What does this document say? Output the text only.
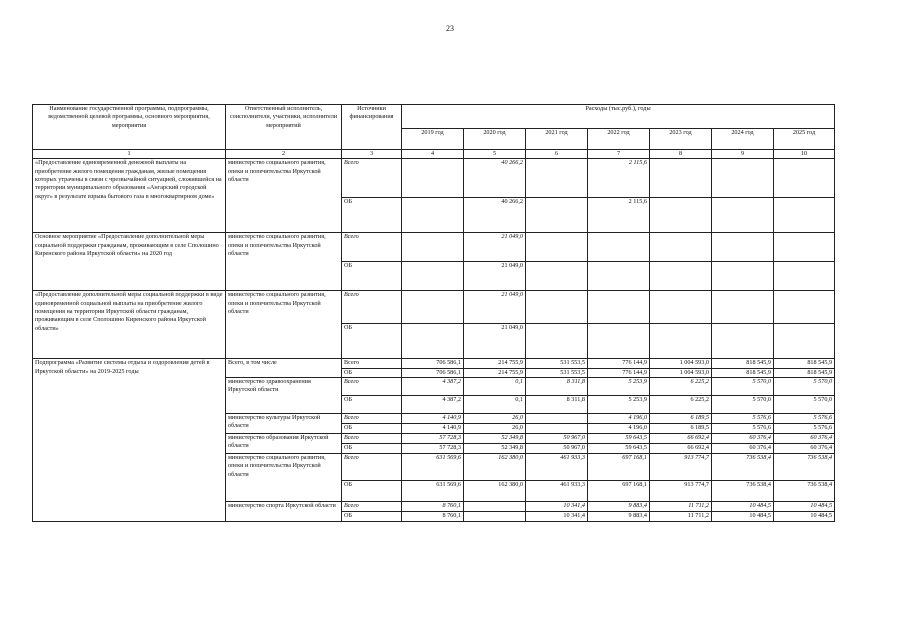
23
Наименование государственной программы, подпрограммы, ведомственной целевой программы, основного мероприятия, мероприятия	Ответственный исполнитель, соисполнители, участники, исполнители мероприятий	Источники финансирования	Расходы (тыс.руб.), годы						
			2019 год	2020 год	2021 год	2022 год	2023 год	2024 год	2025 год
1	2	3	4	5	6	7	8	9	10
«Предоставление единовременной денежной выплаты на приобретение жилого помещения гражданам, жилые помещения которых утрачены в связи с чрезвычайной ситуацией, сложившейся на территории муниципального образования «Ангарский городской округ» в результате взрыва бытового газа в многоквартирном доме»	министерство социального развития, опеки и попечительства Иркутской области	Всего		40 266,2		2 115,6			
		ОБ		40 266,2		2 115,6			
Основное мероприятие «Предоставление дополнительной меры социальной поддержки гражданам, проживающим в селе Сполошино Киренского района Иркутской области» на 2020 год	министерство социального развития, опеки и попечительства Иркутской области	Всего		21 049,0					
		ОБ		21 049,0					
«Предоставление дополнительной меры социальной поддержки в виде единовременной социальной выплаты на приобретение жилого помещения на территории Иркутской области гражданам, проживающим в селе Сполошино Киренского района Иркутской области»	министерство социального развития, опеки и попечительства Иркутской области	Всего		21 049,0					
		ОБ		21 049,0					
Подпрограмма «Развитие системы отдыха и оздоровления детей в Иркутской области» на 2019-2025 годы	Всего, в том числе	Всего	706 586,1	214 755,9	531 553,5	776 144,9	1 004 593,0	818 545,9	818 545,9
		ОБ	706 586,1	214 755,9	531 553,5	776 144,9	1 004 593,0	818 545,9	818 545,9
	министерство здравоохранения Иркутской области	Всего	4 387,2	0,1	8 311,8	5 253,9	6 225,2	5 570,0	5 570,0
		ОБ	4 387,2	0,1	8 311,8	5 253,9	6 225,2	5 570,0	5 570,0
	министерство культуры Иркутской области	Всего	4 140,9	26,0		4 196,0	6 189,5	5 576,6	5 576,6
		ОБ	4 140,9	26,0		4 196,0	6 189,5	5 576,6	5 576,6
	министерство образования Иркутской области	Всего	57 728,3	52 349,8	50 967,0	59 643,5	66 692,4	60 376,4	60 376,4
		ОБ	57 728,3	52 349,8	50 967,0	59 643,5	66 692,4	60 376,4	60 376,4
	министерство социального развития, опеки и попечительства Иркутской области	Всего	631 569,6	162 380,0	461 933,3	697 168,1	913 774,7	736 538,4	736 538,4
		ОБ	631 569,6	162 380,0	461 933,3	697 168,1	913 774,7	736 538,4	736 538,4
	министерство спорта Иркутской области	Всего	8 760,1		10 341,4	9 883,4	11 711,2	10 484,5	10 484,5
		ОБ	8 760,1		10 341,4	9 883,4	11 711,2	10 484,5	10 484,5
